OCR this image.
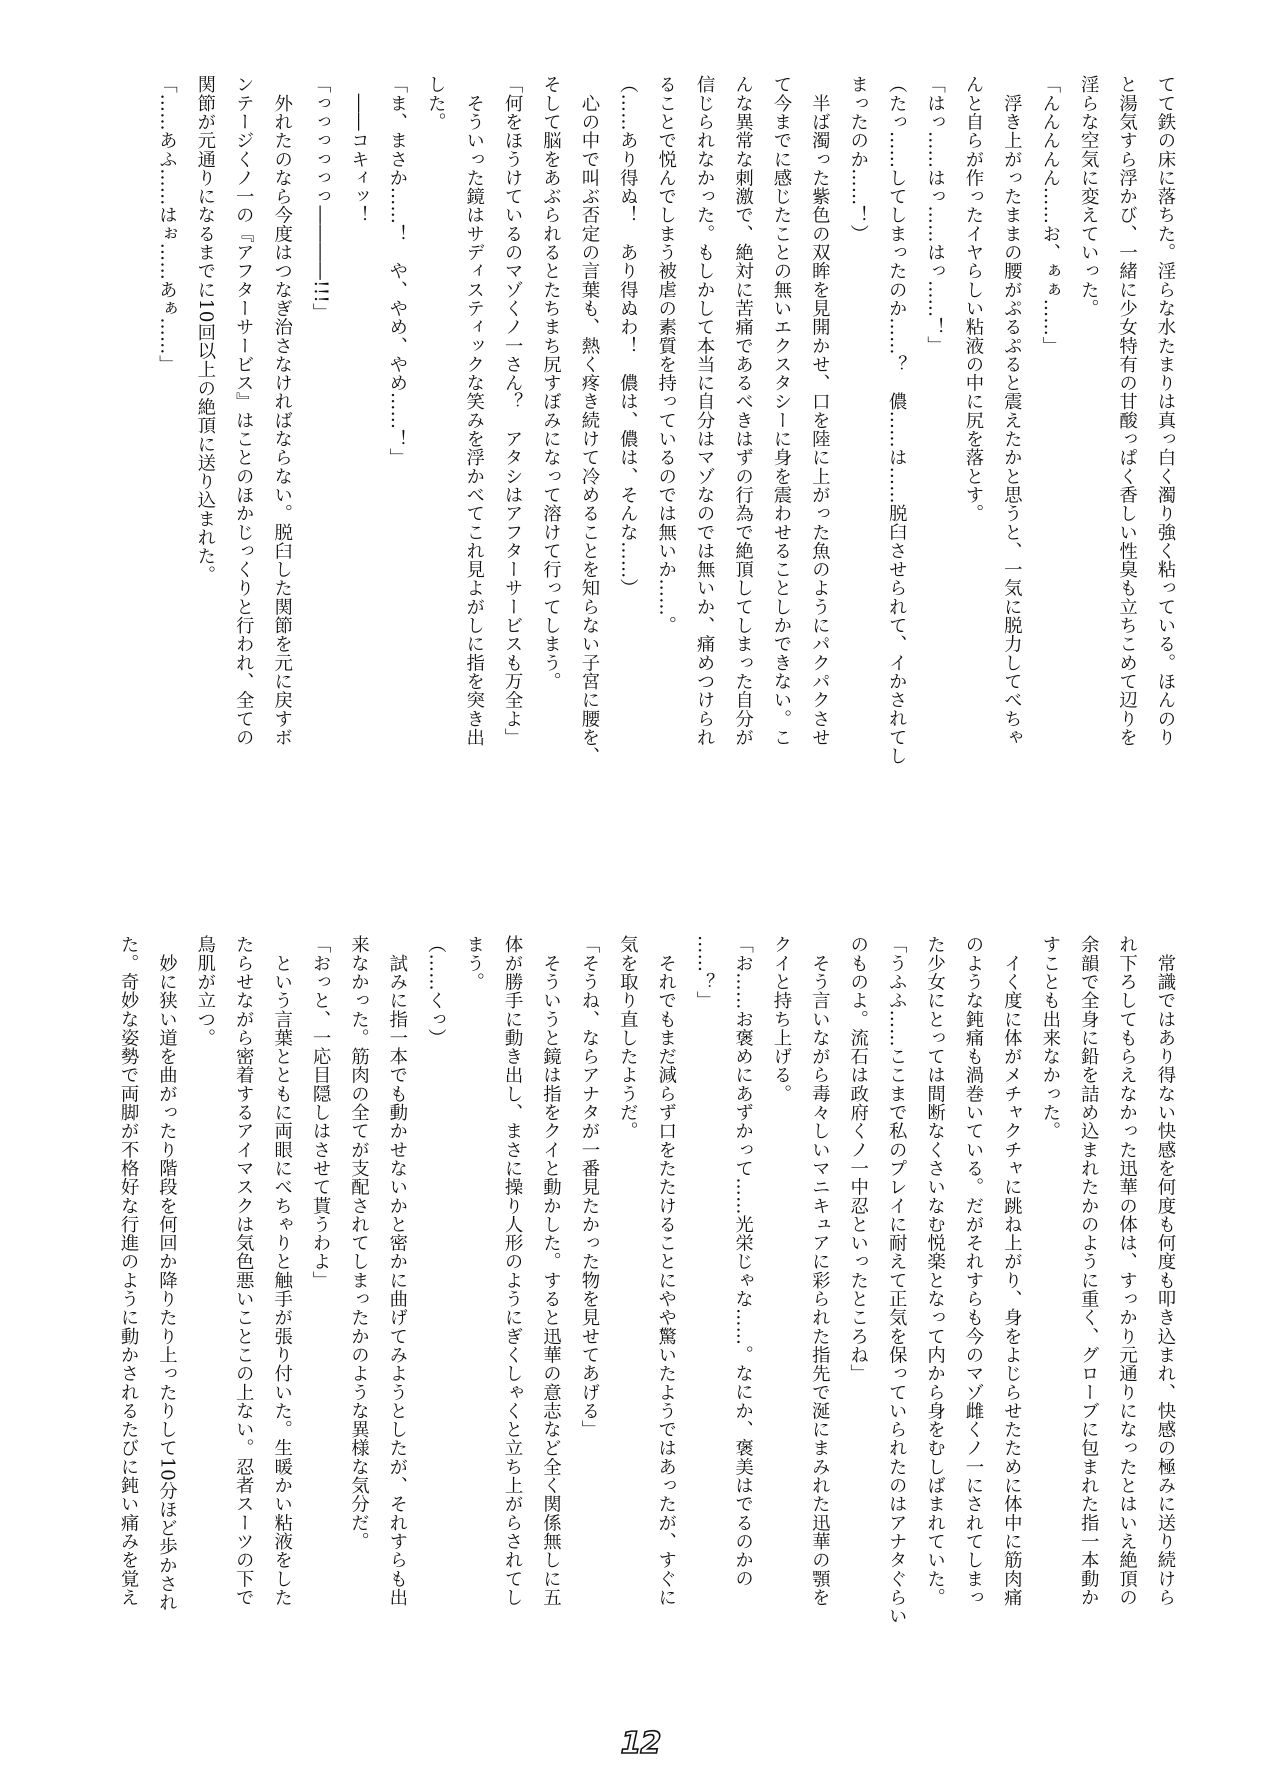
てて鉄の床に落ちた。淫らな水たまりは真っ白く濁り強く粘っている。ほんのり
と湯気すら浮かび、一緒に少女特有の甘酸っぱく香しい性臭も立ちこめて辺りを
淫らな空気に変えていった。
「んんんんん……お、ぁぁ……」
　浮き上がったままの腰がぷるぷると震えたかと思うと、一気に脱力してべちゃ
んと自らが作ったイヤらしい粘液の中に尻を落とす。
「はっ……はっ……はっ……！」
（たっ……してしまったのか……？　儂……は……脱臼させられて、イかされてし
まったのか……！）
　半ば濁った紫色の双眸を見開かせ、口を陸に上がった魚のようにパクパクさせ
て今までに感じたことの無いエクスタシーに身を震わせることしかできない。こ
んな異常な刺激で、絶対に苦痛であるべきはずの行為で絶頂してしまった自分が
信じられなかった。もしかして本当に自分はマゾなのでは無いか、痛めつけられ
ることで悦んでしまう被虐の素質を持っているのでは無いか……。
（……あり得ぬ！　あり得ぬわ！　儂は、儂は、そんな……）
　心の中で叫ぶ否定の言葉も、熱く疼き続けて冷めることを知らない子宮に腰を、
そして脳をあぶられるとたちまち尻すぼみになって溶けて行ってしまう。
「何をほうけているのマゾくノ一さん？　アタシはアフターサービスも万全よ」
　そういった鏡はサディスティックな笑みを浮かべてこれ見よがしに指を突き出
した。
「ま、まさか……！　や、やめ、やめ……！」
　――コキィッ！
「っっっっっっ――――!!!」
　外れたのなら今度はつなぎ治さなければならない。脱臼した関節を元に戻すボ
ンテージくノ一の『アフターサービス』はことのほかじっくりと行われ、全ての
関節が元通りになるまでに10回以上の絶頂に送り込まれた。
「……あふ……はぉ……あぁ……」
　常識ではあり得ない快感を何度も何度も叩き込まれ、快感の極みに送り続けら
れ下ろしてもらえなかった迅華の体は、すっかり元通りになったとはいえ絶頂の
余韻で全身に鉛を詰め込まれたかのように重く、グローブに包まれた指一本動か
すことも出来なかった。
　イく度に体がメチャクチャに跳ね上がり、身をよじらせたために体中に筋肉痛
のような鈍痛も渦巻いている。だがそれすらも今のマゾ雌くノ一にされてしまっ
た少女にとっては間断なくさいなむ悦楽となって内から身をむしばまれていた。
「うふふ……ここまで私のプレイに耐えて正気を保っていられたのはアナタぐらい
のものよ。流石は政府くノ一中忍といったところね」
　そう言いながら毒々しいマニキュアに彩られた指先で涎にまみれた迅華の顎を
クイと持ち上げる。
「お……お褒めにあずかって……光栄じゃな……。なにか、褒美はでるのかの
……？」
　それでもまだ減らず口をたたけることにやや驚いたようではあったが、すぐに
気を取り直したようだ。
「そうね、ならアナタが一番見たかった物を見せてあげる」
　そういうと鏡は指をクイと動かした。すると迅華の意志など全く関係無しに五
体が勝手に動き出し、まさに操り人形のようにぎくしゃくと立ち上がらされてし
まう。
（……くっ）
　試みに指一本でも動かせないかと密かに曲げてみようとしたが、それすらも出
来なかった。筋肉の全てが支配されてしまったかのような異様な気分だ。
「おっと、一応目隠しはさせて貰うわよ」
　という言葉とともに両眼にべちゃりと触手が張り付いた。生暖かい粘液をした
たらせながら密着するアイマスクは気色悪いことこの上ない。忍者スーツの下で
鳥肌が立つ。
　妙に狭い道を曲がったり階段を何回か降りたり上ったりして10分ほど歩かされ
た。奇妙な姿勢で両脚が不格好な行進のように動かされるたびに鈍い痛みを覚え
12
